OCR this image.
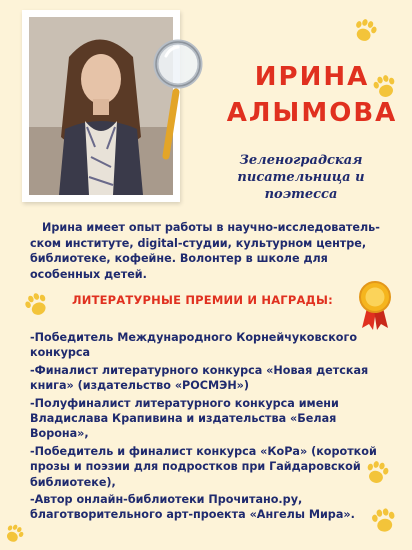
ИРИНА
АЛЫМОВА

Зеленоградская писательница и поэтесса

Ирина имеет опыт работы в научно-исследователь-ском институте, digital-студии, культурном центре, библиотеке, кофейне. Волонтер в школе для особенных детей.

ЛИТЕРАТУРНЫЕ ПРЕМИИ И НАГРАДЫ:
-Победитель Международного Корнейчуковского конкурса
-Финалист литературного конкурса «Новая детская книга» (издательство «РОСМЭН»)
-Полуфиналист литературного конкурса имени Владислава Крапивина и издательства «Белая Ворона»,
-Победитель и финалист конкурса «КоРа» (короткой прозы и поэзии для подростков при Гайдаровской библиотеке),
-Автор онлайн-библиотеки Прочитано.ру, благотворительного арт-проекта «Ангелы Мира».
